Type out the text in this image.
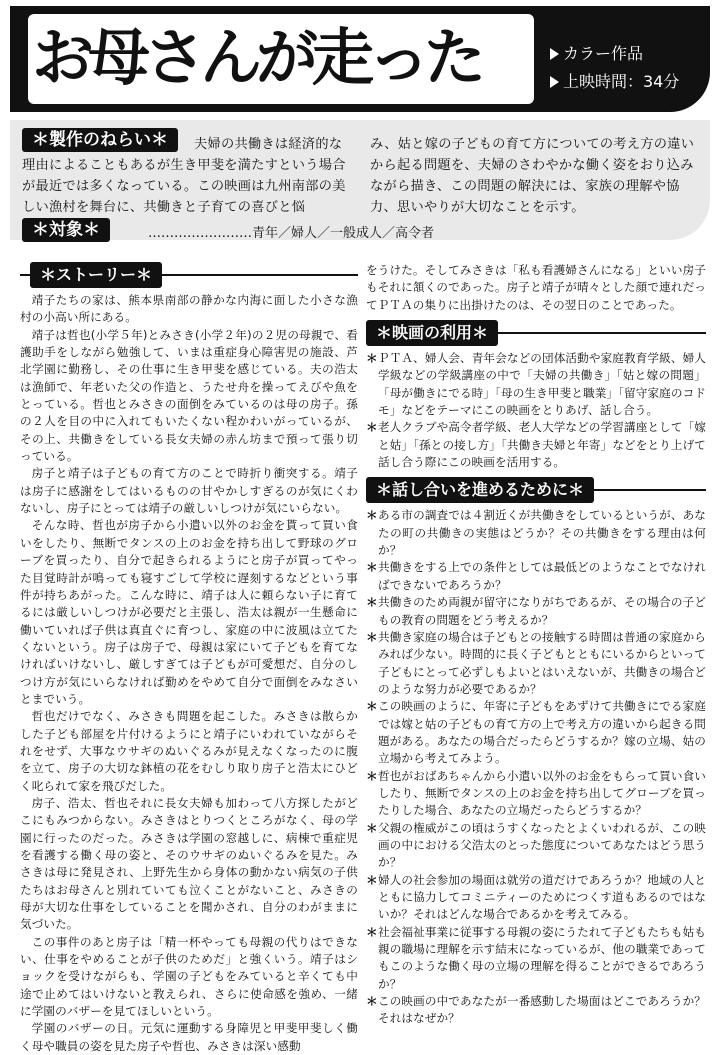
お母さんが走った	カラー作品
上映時間：34分
＊製作のねらい＊	夫婦の共働きは経済的な理由によることもあるが生き甲斐を満たすという場合が最近では多くなっている。この映画は九州南部の美しい漁村を舞台に、共働きと子育ての喜びと悩
み、姑と嫁の子どもの育て方についての考え方の違いから起る問題を、夫婦のさわやかな働く姿をおり込みながら描き、この問題の解決には、家族の理解や協力、思いやりが大切なことを示す。
＊対象＊	……………………青年／婦人／一般成人／高令者
＊ストーリー＊

靖子たちの家は、熊本県南部の静かな内海に面した小さな漁村の小高い所にある。

靖子は哲也(小学５年)とみさき(小学２年)の２児の母親で、看護助手をしながら勉強して、いまは重症身心障害児の施設、芦北学園に勤務し、その仕事に生き甲斐を感じている。夫の浩太は漁師で、年老いた父の作造と、うたせ舟を操ってえびや魚をとっている。哲也とみさきの面倒をみているのは母の房子。孫の２人を目の中に入れてもいたくない程かわいがっているが、その上、共働きをしている長女夫婦の赤ん坊まで預って張り切っている。

房子と靖子は子どもの育て方のことで時折り衝突する。靖子は房子に感謝をしてはいるものの甘やかしすぎるのが気にくわないし、房子にとっては靖子の厳しいしつけが気にいらない。

そんな時、哲也が房子から小遣い以外のお金を貰って買い食いをしたり、無断でタンスの上のお金を持ち出して野球のグローブを買ったり、自分で起きられるようにと房子が買ってやった目覚時計が鳴っても寝すごして学校に遅刻するなどという事件が持ちあがった。こんな時に、靖子は人に頼らない子に育てるには厳しいしつけが必要だと主張し、浩太は親が一生懸命に働いていれば子供は真直ぐに育つし、家庭の中に波風は立てたくないという。房子は房子で、母親は家にいて子どもを育てなければいけないし、厳しすぎては子どもが可愛想だ、自分のしつけ方が気にいらなければ勤めをやめて自分で面倒をみなさいとまでいう。

哲也だけでなく、みさきも問題を起こした。みさきは散らかした子ども部屋を片付けるようにと靖子にいわれていながらそれをせず、大事なウサギのぬいぐるみが見えなくなったのに腹を立て、房子の大切な鉢植の花をむしり取り房子と浩太にひどく叱られて家を飛びだした。

房子、浩太、哲也それに長女夫婦も加わって八方探したがどこにもみつからない。みさきはとりつくところがなく、母の学園に行ったのだった。みさきは学園の窓越しに、病棟で重症児を看護する働く母の姿と、そのウサギのぬいぐるみを見た。みさきは母に発見され、上野先生から身体の動かない病気の子供たちはお母さんと別れていても泣くことがないこと、みさきの母が大切な仕事をしていることを聞かされ、自分のわがままに気づいた。

この事件のあと房子は「精一杯やっても母親の代りはできない、仕事をやめることが子供のためだ」と強くいう。靖子はショックを受けながらも、学園の子どもをみていると辛くても中途で止めてはいけないと教えられ、さらに使命感を強め、一緒に学園のバザーを見てほしいという。

学園のバザーの日。元気に運動する身障児と甲斐甲斐しく働く母や職員の姿を見た房子や哲也、みさきは深い感動

をうけた。そしてみさきは「私も看護婦さんになる」といい房子もそれに頷くのであった。房子と靖子が晴々とした顔で連れだってＰＴＡの集りに出掛けたのは、その翌日のことであった。

＊映画の利用＊
＊ ＰＴＡ、婦人会、青年会などの団体活動や家庭教育学級、婦人学級などの学級講座の中で「夫婦の共働き」「姑と嫁の問題」「母が働きにでる時」「母の生き甲斐と職業」「留守家庭のコドモ」などをテーマにこの映画をとりあげ、話し合う。
＊ 老人クラブや高令者学級、老人大学などの学習講座として「嫁と姑」「孫との接し方」「共働き夫婦と年寄」などをとり上げて話し合う際にこの映画を活用する。
＊話し合いを進めるために＊
＊ ある市の調査では４割近くが共働きをしているというが、あなたの町の共働きの実態はどうか？その共働きをする理由は何か？
＊ 共働きをする上での条件としては最低どのようなことでなければできないであろうか？
＊ 共働きのため両親が留守になりがちであるが、その場合の子どもの教育の問題をどう考えるか？
＊ 共働き家庭の場合は子どもとの接触する時間は普通の家庭からみれば少ない。時間的に長く子どもとともにいるからといって子どもにとって必ずしもよいとはいえないが、共働きの場合どのような努力が必要であるか？
＊ この映画のように、年寄に子どもをあずけて共働きにでる家庭では嫁と姑の子どもの育て方の上で考え方の違いから起きる問題がある。あなたの場合だったらどうするか？嫁の立場、姑の立場から考えてみよう。
＊ 哲也がおばあちゃんから小遣い以外のお金をもらって買い食いしたり、無断でタンスの上のお金を持ち出してグローブを買ったりした場合、あなたの立場だったらどうするか？
＊ 父親の権威がこの頃はうすくなったとよくいわれるが、この映画の中における父浩太のとった態度についてあなたはどう思うか？
＊ 婦人の社会参加の場面は就労の道だけであろうか？地域の人とともに協力してコミニティーのためにつくす道もあるのではないか？それはどんな場合であるかを考えてみる。
＊ 社会福祉事業に従事する母親の姿にうたれて子どもたちも姑も親の職場に理解を示す結末になっているが、他の職業であってもこのような働く母の立場の理解を得ることができるであろうか？
＊ この映画の中であなたが一番感動した場面はどこであろうか？それはなぜか？
